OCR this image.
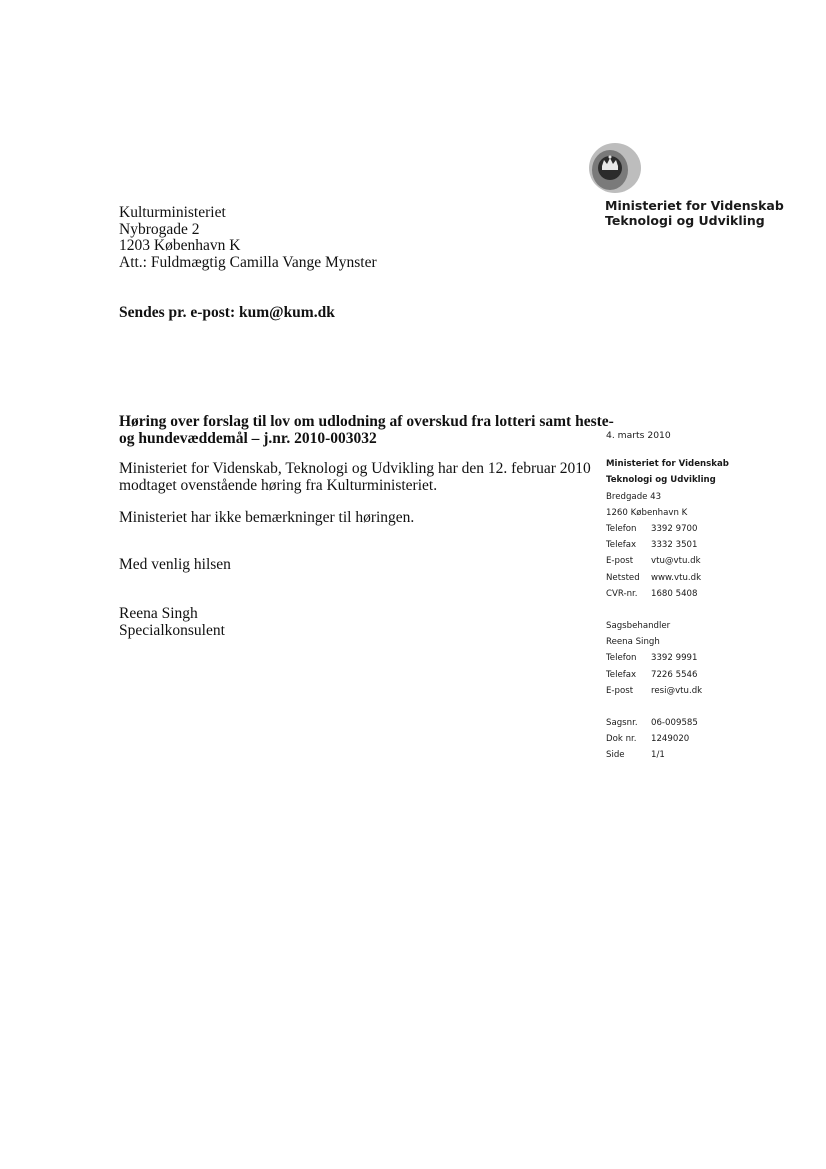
Ministeriet for Videnskab
Teknologi og Udvikling
Kulturministeriet
Nybrogade 2
1203 København K
Att.: Fuldmægtig Camilla Vange Mynster
Sendes pr. e-post: kum@kum.dk
Høring over forslag til lov om udlodning af overskud fra lotteri samt heste-
og hundevæddemål – j.nr. 2010-003032
Ministeriet for Videnskab, Teknologi og Udvikling har den 12. februar 2010
modtaget ovenstående høring fra Kulturministeriet.
Ministeriet har ikke bemærkninger til høringen.
Med venlig hilsen
Reena Singh
Specialkonsulent
4. marts 2010
Ministeriet for Videnskab
Teknologi og Udvikling
Bredgade 43
1260 København K
Telefon	3392 9700
Telefax	3332 3501
E-post	vtu@vtu.dk
Netsted	www.vtu.dk
CVR-nr.	1680 5408
Sagsbehandler
Reena Singh
Telefon	3392 9991
Telefax	7226 5546
E-post	resi@vtu.dk
Sagsnr.	06-009585
Dok nr.	1249020
Side	1/1
